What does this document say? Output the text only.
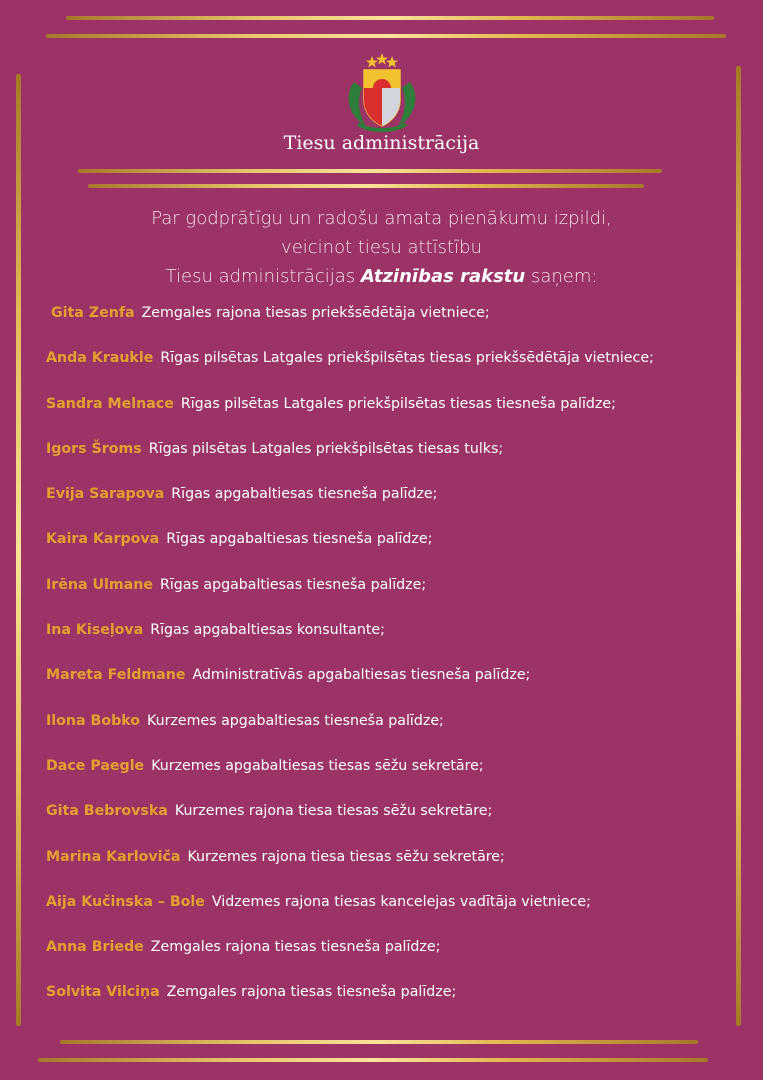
Tiesu administrācija
Par godprātīgu un radošu amata pienākumu izpildi,
veicinot tiesu attīstību
Tiesu administrācijas Atzinības rakstu saņem:
Gita Zenfa Zemgales rajona tiesas priekšsēdētāja vietniece;
Anda Kraukle Rīgas pilsētas Latgales priekšpilsētas tiesas priekšsēdētāja vietniece;
Sandra Melnace Rīgas pilsētas Latgales priekšpilsētas tiesas tiesneša palīdze;
Igors Šroms Rīgas pilsētas Latgales priekšpilsētas tiesas tulks;
Evija Sarapova Rīgas apgabaltiesas tiesneša palīdze;
Kaira Karpova Rīgas apgabaltiesas tiesneša palīdze;
Irēna Ulmane Rīgas apgabaltiesas tiesneša palīdze;
Ina Kiseļova Rīgas apgabaltiesas konsultante;
Mareta Feldmane Administratīvās apgabaltiesas tiesneša palīdze;
Ilona Bobko Kurzemes apgabaltiesas tiesneša palīdze;
Dace Paegle Kurzemes apgabaltiesas tiesas sēžu sekretāre;
Gita Bebrovska Kurzemes rajona tiesa tiesas sēžu sekretāre;
Marina Karloviča Kurzemes rajona tiesa tiesas sēžu sekretāre;
Aija Kučinska – Bole Vidzemes rajona tiesas kancelejas vadītāja vietniece;
Anna Briede Zemgales rajona tiesas tiesneša palīdze;
Solvita Vilciņa Zemgales rajona tiesas tiesneša palīdze;
